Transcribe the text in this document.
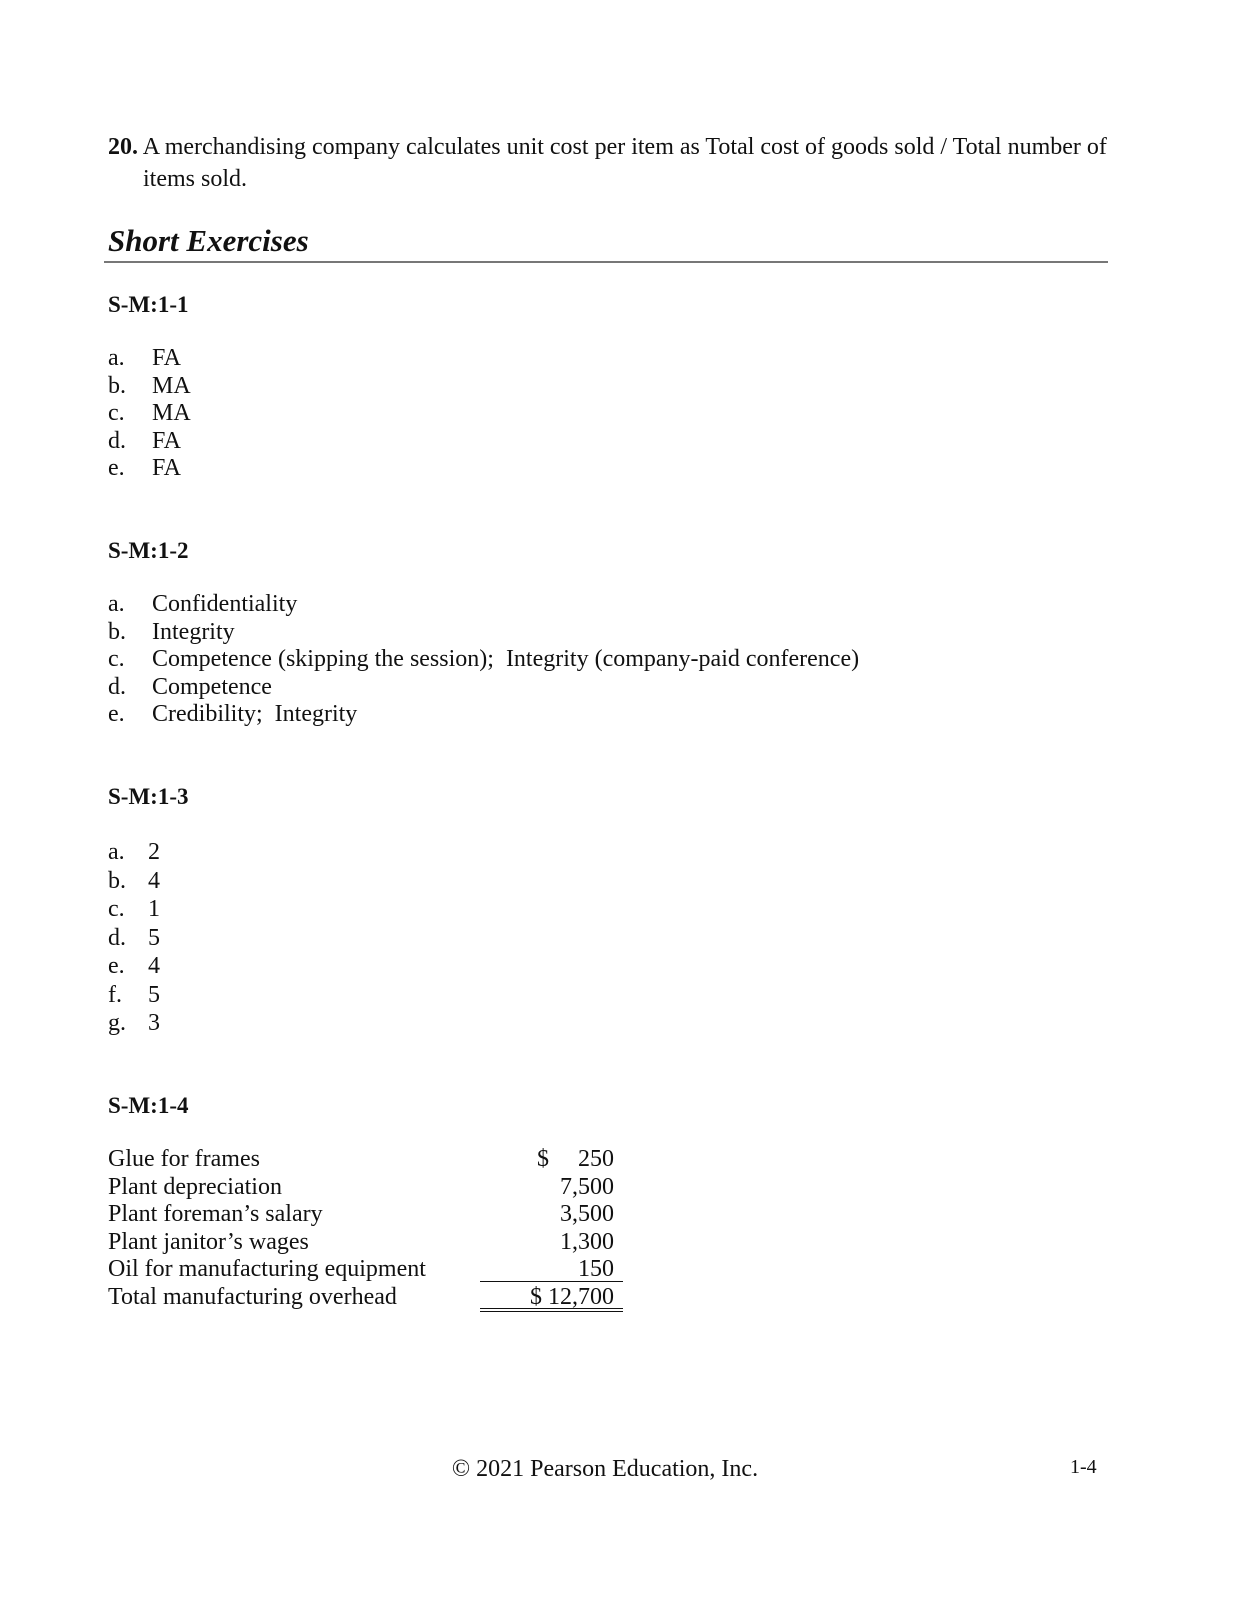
20. A merchandising company calculates unit cost per item as Total cost of goods sold / Total number of
items sold.
Short Exercises
S-M:1-1
a.	FA
b.	MA
c.	MA
d.	FA
e.	FA
S-M:1-2
a.	Confidentiality
b.	Integrity
c.	Competence (skipping the session);  Integrity (company-paid conference)
d.	Competence
e.	Credibility;  Integrity
S-M:1-3
a. 2
b. 4
c. 1
d. 5
e. 4
f.	5
g. 3
S-M:1-4
Glue for frames	$	250
Plant depreciation	7,500
Plant foreman’s salary	3,500
Plant janitor’s wages	1,300
Oil for manufacturing equipment	150
Total manufacturing overhead	$ 12,700
© 2021 Pearson Education, Inc.	1-4
